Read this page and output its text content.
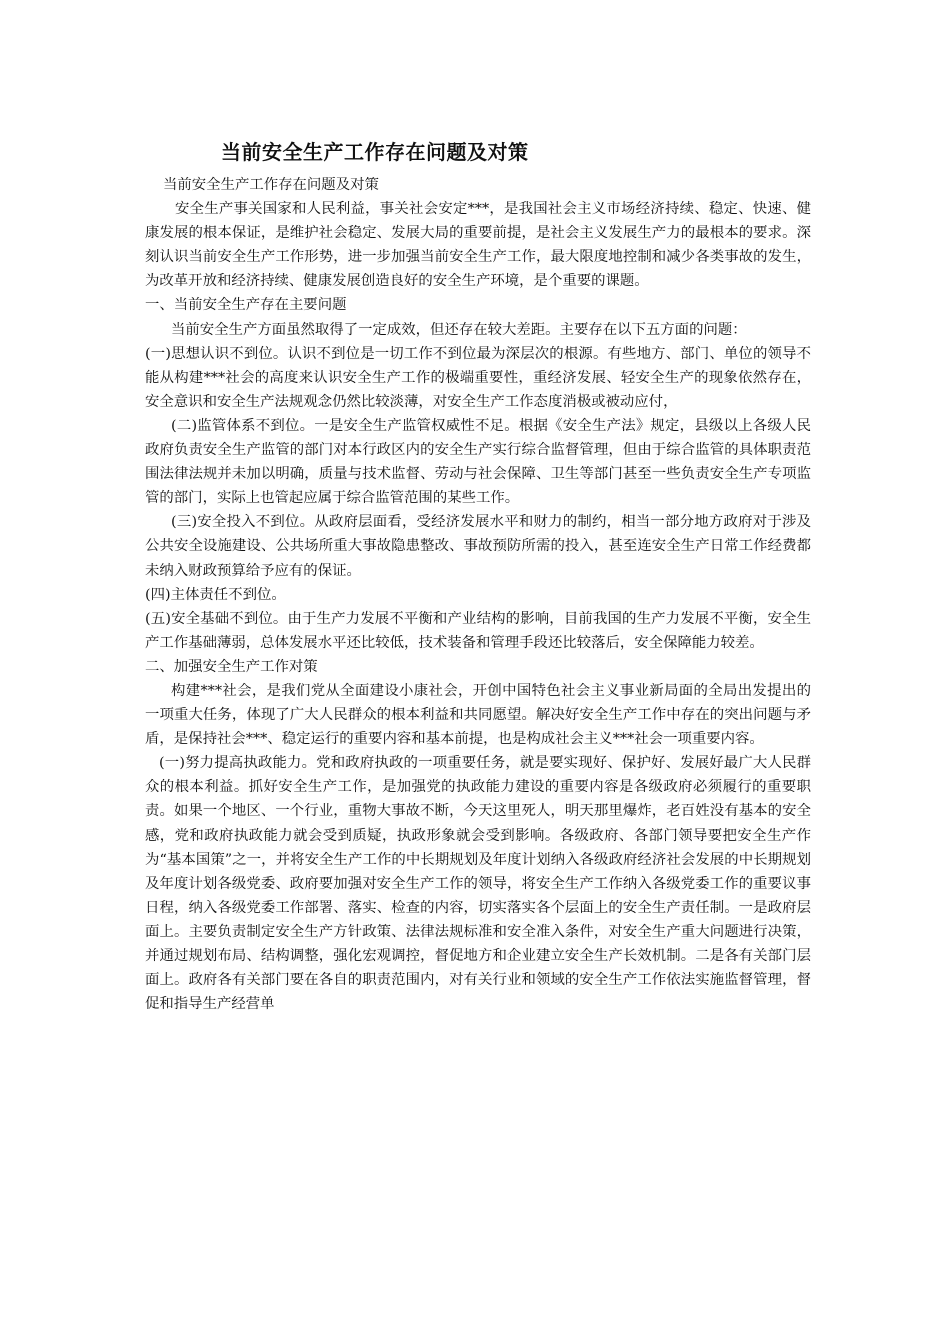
当前安全生产工作存在问题及对策

当前安全生产工作存在问题及对策

安全生产事关国家和人民利益，事关社会安定***，是我国社会主义市场经济持续、稳定、快速、健康发展的根本保证，是维护社会稳定、发展大局的重要前提，是社会主义发展生产力的最根本的要求。深刻认识当前安全生产工作形势，进一步加强当前安全生产工作，最大限度地控制和减少各类事故的发生，为改革开放和经济持续、健康发展创造良好的安全生产环境，是个重要的课题。

一、当前安全生产存在主要问题

当前安全生产方面虽然取得了一定成效，但还存在较大差距。主要存在以下五方面的问题：

(一)思想认识不到位。认识不到位是一切工作不到位最为深层次的根源。有些地方、部门、单位的领导不能从构建***社会的高度来认识安全生产工作的极端重要性，重经济发展、轻安全生产的现象依然存在，安全意识和安全生产法规观念仍然比较淡薄，对安全生产工作态度消极或被动应付，

(二)监管体系不到位。一是安全生产监管权威性不足。根据《安全生产法》规定，县级以上各级人民政府负责安全生产监管的部门对本行政区内的安全生产实行综合监督管理，但由于综合监管的具体职责范围法律法规并未加以明确，质量与技术监督、劳动与社会保障、卫生等部门甚至一些负责安全生产专项监管的部门，实际上也管起应属于综合监管范围的某些工作。

(三)安全投入不到位。从政府层面看，受经济发展水平和财力的制约，相当一部分地方政府对于涉及公共安全设施建设、公共场所重大事故隐患整改、事故预防所需的投入，甚至连安全生产日常工作经费都未纳入财政预算给予应有的保证。

(四)主体责任不到位。

(五)安全基础不到位。由于生产力发展不平衡和产业结构的影响，目前我国的生产力发展不平衡，安全生产工作基础薄弱，总体发展水平还比较低，技术装备和管理手段还比较落后，安全保障能力较差。

二、加强安全生产工作对策

构建***社会，是我们党从全面建设小康社会，开创中国特色社会主义事业新局面的全局出发提出的一项重大任务，体现了广大人民群众的根本利益和共同愿望。解决好安全生产工作中存在的突出问题与矛盾，是保持社会***、稳定运行的重要内容和基本前提，也是构成社会主义***社会一项重要内容。

(一)努力提高执政能力。党和政府执政的一项重要任务，就是要实现好、保护好、发展好最广大人民群众的根本利益。抓好安全生产工作，是加强党的执政能力建设的重要内容是各级政府必须履行的重要职责。如果一个地区、一个行业，重物大事故不断，今天这里死人，明天那里爆炸，老百姓没有基本的安全感，党和政府执政能力就会受到质疑，执政形象就会受到影响。各级政府、各部门领导要把安全生产作为“基本国策”之一，并将安全生产工作的中长期规划及年度计划纳入各级政府经济社会发展的中长期规划及年度计划各级党委、政府要加强对安全生产工作的领导，将安全生产工作纳入各级党委工作的重要议事日程，纳入各级党委工作部署、落实、检查的内容，切实落实各个层面上的安全生产责任制。一是政府层面上。主要负责制定安全生产方针政策、法律法规标准和安全准入条件，对安全生产重大问题进行决策，并通过规划布局、结构调整，强化宏观调控，督促地方和企业建立安全生产长效机制。二是各有关部门层面上。政府各有关部门要在各自的职责范围内，对有关行业和领域的安全生产工作依法实施监督管理，督促和指导生产经营单
